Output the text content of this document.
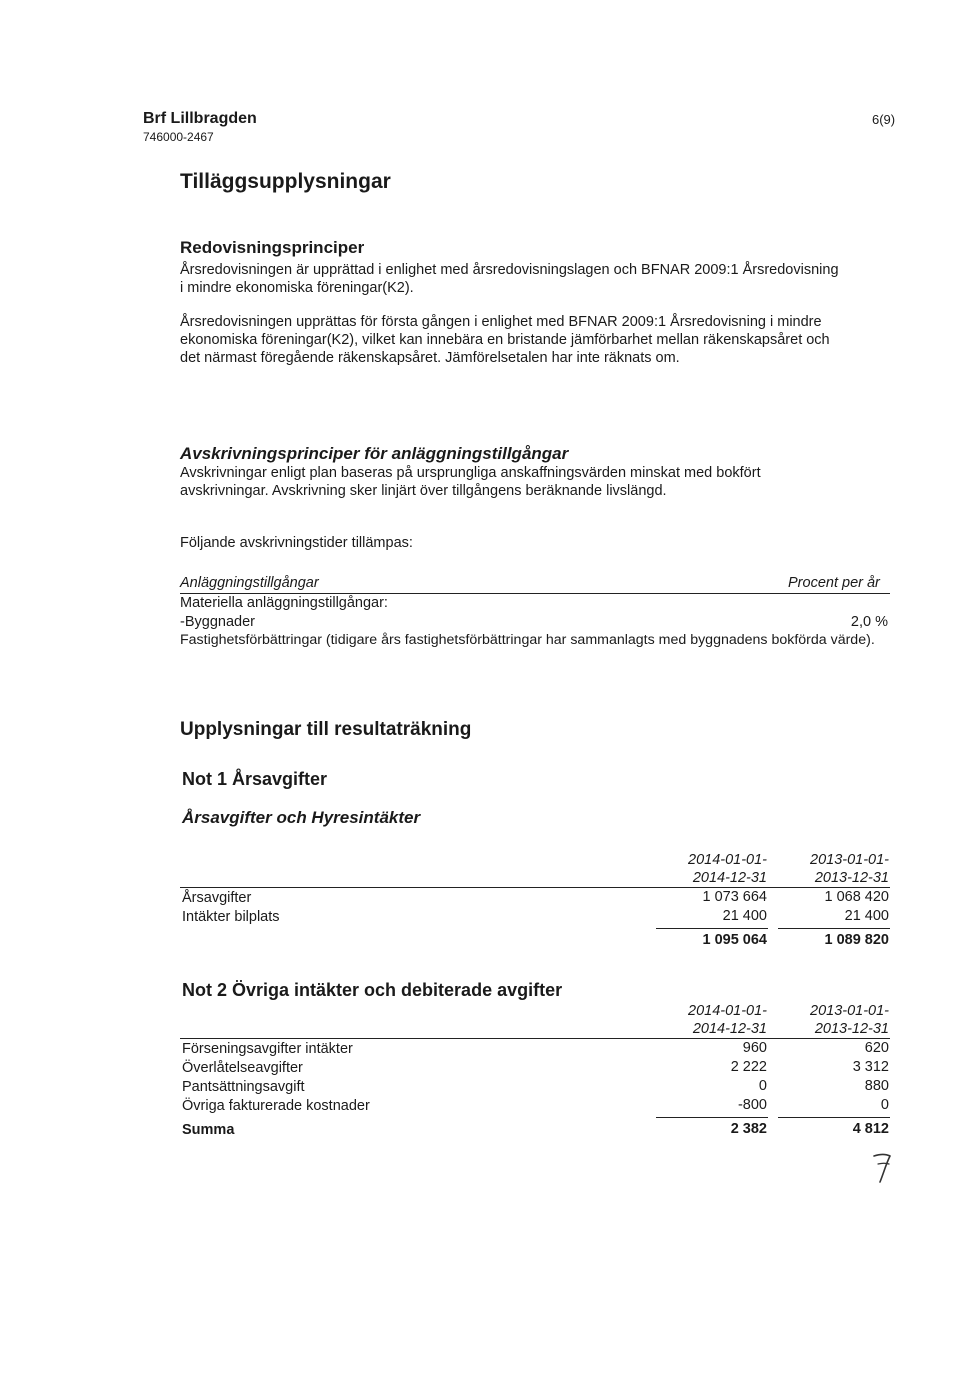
Brf Lillbragden
746000-2467
6(9)
Tilläggsupplysningar
Redovisningsprinciper
Årsredovisningen är upprättad i enlighet med årsredovisningslagen och BFNAR 2009:1 Årsredovisning
i mindre ekonomiska föreningar(K2).
Årsredovisningen upprättas för första gången i enlighet med BFNAR 2009:1 Årsredovisning i mindre
ekonomiska föreningar(K2), vilket kan innebära en bristande jämförbarhet mellan räkenskapsåret och
det närmast föregående räkenskapsåret. Jämförelsetalen har inte räknats om.
Avskrivningsprinciper för anläggningstillgångar
Avskrivningar enligt plan baseras på ursprungliga anskaffningsvärden minskat med bokfört
avskrivningar. Avskrivning sker linjärt över tillgångens beräknande livslängd.
Följande avskrivningstider tillämpas:
Anläggningstillgångar	Procent per år
Materiella anläggningstillgångar:
-Byggnader	2,0 %
Fastighetsförbättringar (tidigare års fastighetsförbättringar har sammanlagts med byggnadens bokförda värde).
Upplysningar till resultaträkning
Not 1 Årsavgifter
Årsavgifter och Hyresintäkter
2014-01-01-
2014-12-31
2013-01-01-
2013-12-31
Årsavgifter	1 073 664	1 068 420
Intäkter bilplats	21 400	21 400
1 095 064	1 089 820
Not 2 Övriga intäkter och debiterade avgifter
2014-01-01-
2014-12-31
2013-01-01-
2013-12-31
Förseningsavgifter intäkter	960	620
Överlåtelseavgifter	2 222	3 312
Pantsättningsavgift	0	880
Övriga fakturerade kostnader	-800	0
Summa	2 382	4 812
